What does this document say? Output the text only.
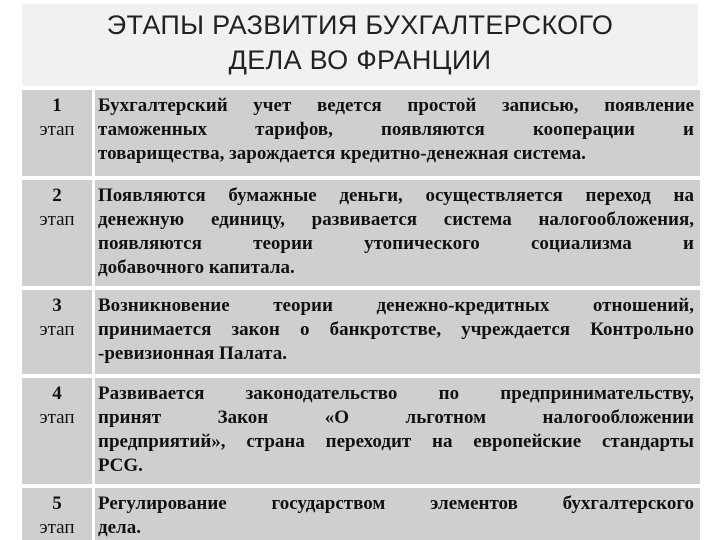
ЭТАПЫ РАЗВИТИЯ БУХГАЛТЕРСКОГО
ДЕЛА ВО ФРАНЦИИ
1
этап
Бухгалтерский учет ведется простой записью, появление
таможенных тарифов, появляются кооперации и
товарищества, зарождается кредитно-денежная система.
2
этап
Появляются бумажные деньги, осуществляется переход на
денежную единицу, развивается система налогообложения,
появляются теории утопического социализма и
добавочного капитала.
3
этап
Возникновение теории денежно-кредитных отношений,
принимается закон о банкротстве, учреждается Контрольно
-ревизионная Палата.
4
этап
Развивается законодательство по предпринимательству,
принят Закон «О льготном налогообложении
предприятий», страна переходит на европейские стандарты
PCG.
5
этап
Регулирование государством элементов бухгалтерского
дела.
